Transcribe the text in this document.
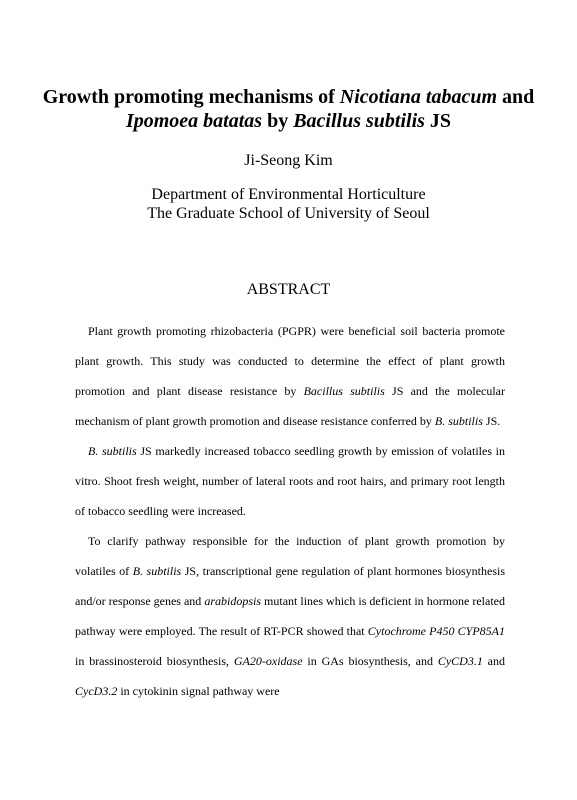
Growth promoting mechanisms of Nicotiana tabacum and Ipomoea batatas by Bacillus subtilis JS
Ji-Seong Kim
Department of Environmental Horticulture
The Graduate School of University of Seoul
ABSTRACT

Plant growth promoting rhizobacteria (PGPR) were beneficial soil bacteria promote plant growth. This study was conducted to determine the effect of plant growth promotion and plant disease resistance by Bacillus subtilis JS and the molecular mechanism of plant growth promotion and disease resistance conferred by B. subtilis JS.

B. subtilis JS markedly increased tobacco seedling growth by emission of volatiles in vitro. Shoot fresh weight, number of lateral roots and root hairs, and primary root length of tobacco seedling were increased.

To clarify pathway responsible for the induction of plant growth promotion by volatiles of B. subtilis JS, transcriptional gene regulation of plant hormones biosynthesis and/or response genes and arabidopsis mutant lines which is deficient in hormone related pathway were employed. The result of RT-PCR showed that Cytochrome P450 CYP85A1 in brassinosteroid biosynthesis, GA20-oxidase in GAs biosynthesis, and CyCD3.1 and CycD3.2 in cytokinin signal pathway were
